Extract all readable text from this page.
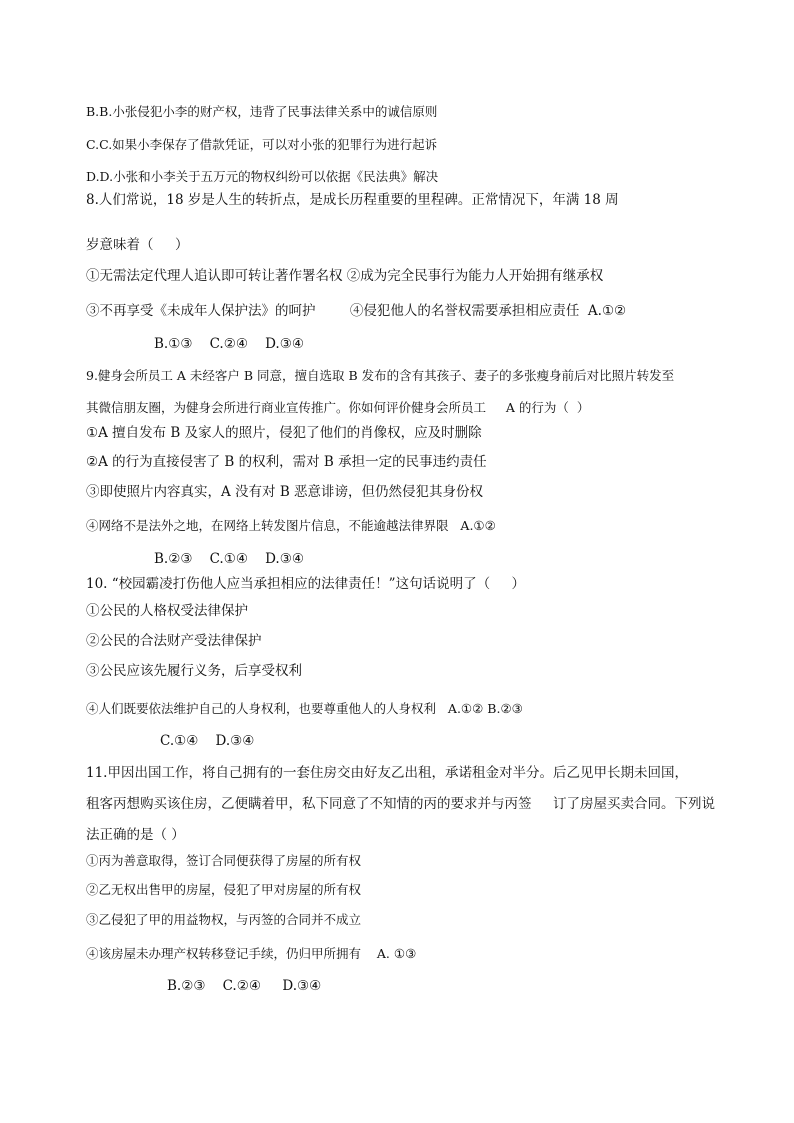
B.B.小张侵犯小李的财产权，违背了民事法律关系中的诚信原则
C.C.如果小李保存了借款凭证，可以对小张的犯罪行为进行起诉
D.D.小张和小李关于五万元的物权纠纷可以依据《民法典》解决
8.人们常说，18 岁是人生的转折点，是成长历程重要的里程碑。正常情况下，年满 18 周
岁意味着（     ）
①无需法定代理人追认即可转让著作署名权 ②成为完全民事行为能力人开始拥有继承权
③不再享受《未成年人保护法》的呵护        ④侵犯他人的名誉权需要承担相应责任  A.①②
B.①③    C.②④    D.③④
9.健身会所员工 A 未经客户 B 同意，擅自选取 B 发布的含有其孩子、妻子的多张瘦身前后对比照片转发至
其微信朋友圈，为健身会所进行商业宣传推广。你如何评价健身会所员工     A 的行为（  ）
①A 擅自发布 B 及家人的照片，侵犯了他们的肖像权，应及时删除
②A 的行为直接侵害了 B 的权利，需对 B 承担一定的民事违约责任
③即使照片内容真实，A 没有对 B 恶意诽谤，但仍然侵犯其身份权
④网络不是法外之地，在网络上转发图片信息，不能逾越法律界限   A.①②
B.②③    C.①④    D.③④
10. “校园霸凌打伤他人应当承担相应的法律责任！”这句话说明了（     ）
①公民的人格权受法律保护
②公民的合法财产受法律保护
③公民应该先履行义务，后享受权利
④人们既要依法维护自己的人身权利，也要尊重他人的人身权利   A.①② B.②③
C.①④    D.③④
11.甲因出国工作，将自己拥有的一套住房交由好友乙出租，承诺租金对半分。后乙见甲长期未回国，
租客丙想购买该住房，乙便瞒着甲，私下同意了不知情的丙的要求并与丙签     订了房屋买卖合同。下列说
法正确的是（ ）
①丙为善意取得，签订合同便获得了房屋的所有权
②乙无权出售甲的房屋，侵犯了甲对房屋的所有权
③乙侵犯了甲的用益物权，与丙签的合同并不成立
④该房屋未办理产权转移登记手续，仍归甲所拥有    A. ①③
B.②③    C.②④     D.③④
